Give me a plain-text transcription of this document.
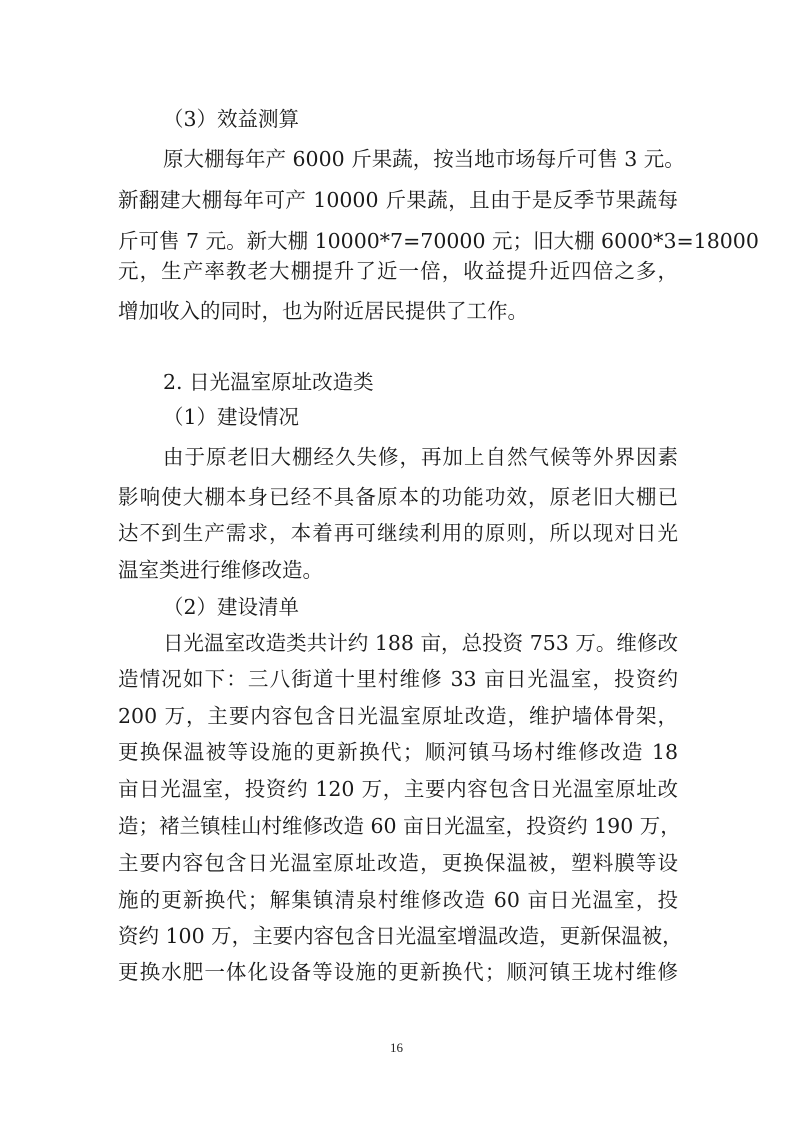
（3）效益测算

原大棚每年产 6000 斤果蔬，按当地市场每斤可售 3 元。

新翻建大棚每年可产 10000 斤果蔬，且由于是反季节果蔬每

斤可售 7 元。新大棚 10000*7=70000 元；旧大棚 6000*3=18000

元，生产率教老大棚提升了近一倍，收益提升近四倍之多，

增加收入的同时，也为附近居民提供了工作。

2. 日光温室原址改造类

（1）建设情况

由于原老旧大棚经久失修，再加上自然气候等外界因素

影响使大棚本身已经不具备原本的功能功效，原老旧大棚已

达不到生产需求，本着再可继续利用的原则，所以现对日光

温室类进行维修改造。

（2）建设清单

日光温室改造类共计约 188 亩，总投资 753 万。维修改

造情况如下：三八街道十里村维修 33 亩日光温室，投资约

200 万，主要内容包含日光温室原址改造，维护墙体骨架，

更换保温被等设施的更新换代；顺河镇马场村维修改造 18

亩日光温室，投资约 120 万，主要内容包含日光温室原址改

造；褚兰镇桂山村维修改造 60 亩日光温室，投资约 190 万，

主要内容包含日光温室原址改造，更换保温被，塑料膜等设

施的更新换代；解集镇清泉村维修改造 60 亩日光温室，投

资约 100 万，主要内容包含日光温室增温改造，更新保温被，

更换水肥一体化设备等设施的更新换代；顺河镇王垅村维修

16
